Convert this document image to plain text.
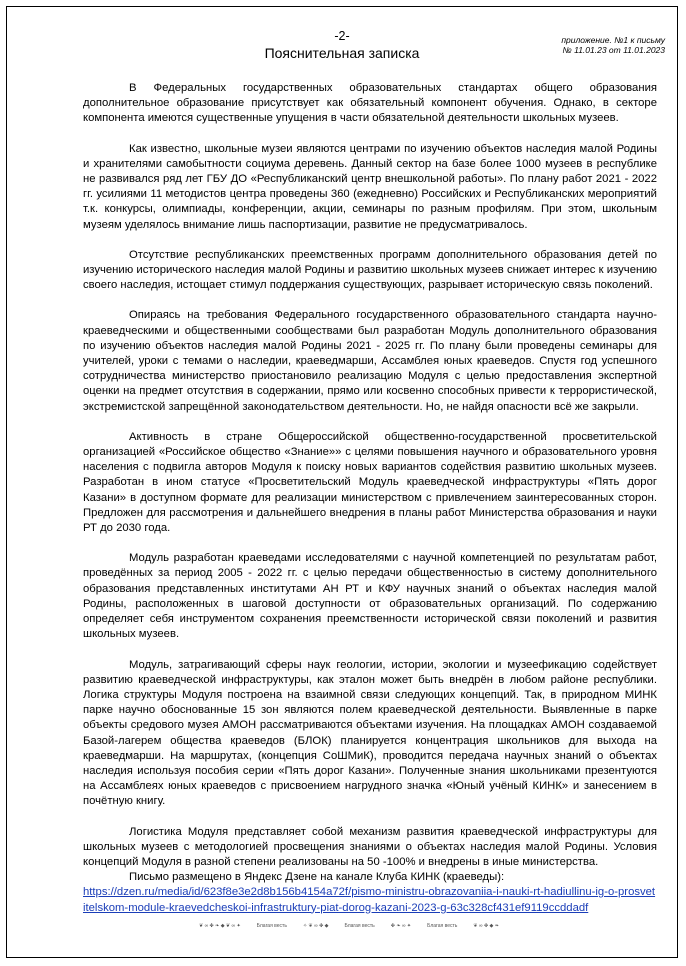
-2-	приложение. №1 к письму
№ 11.01.23 от 11.01.2023
Пояснительная записка

В Федеральных государственных образовательных стандартах общего образования дополнительное образование присутствует как обязательный компонент обучения. Однако, в секторе компонента имеются существенные упущения в части обязательной деятельности школьных музеев.

Как известно, школьные музеи являются центрами по изучению объектов наследия малой Родины и хранителями самобытности социума деревень. Данный сектор на базе более 1000 музеев в республике не развивался ряд лет ГБУ ДО «Республиканский центр внешкольной работы». По плану работ 2021 - 2022 гг. усилиями 11 методистов центра проведены 360 (ежедневно) Российских и Республиканских мероприятий т.к. конкурсы, олимпиады, конференции, акции, семинары по разным профилям. При этом, школьным музеям уделялось внимание лишь паспортизации, развитие не предусматривалось.

Отсутствие республиканских преемственных программ дополнительного образования детей по изучению исторического наследия малой Родины и развитию школьных музеев снижает интерес к изучению своего наследия, истощает стимул поддержания существующих, разрывает историческую связь поколений.

Опираясь на требования Федерального государственного образовательного стандарта научно-краеведческими и общественными сообществами был разработан Модуль дополнительного образования по изучению объектов наследия малой Родины 2021 - 2025 гг. По плану были проведены семинары для учителей, уроки с темами о наследии, краеведмарши, Ассамблея юных краеведов. Спустя год успешного сотрудничества министерство приостановило реализацию Модуля с целью предоставления экспертной оценки на предмет отсутствия в содержании, прямо или косвенно способных привести к террористической, экстремистской запрещённой законодательством деятельности. Но, не найдя опасности всё же закрыли.

Активность в стране Общероссийской общественно-государственной просветительской организацией «Российское общество «Знание»» с целями повышения научного и образовательного уровня населения с подвигла авторов Модуля к поиску новых вариантов содействия развитию школьных музеев. Разработан в ином статусе «Просветительский Модуль краеведческой инфраструктуры «Пять дорог Казани» в доступном формате для реализации министерством с привлечением заинтересованных сторон. Предложен для рассмотрения и дальнейшего внедрения в планы работ Министерства образования и науки РТ до 2030 года.

Модуль разработан краеведами исследователями с научной компетенцией по результатам работ, проведённых за период 2005 - 2022 гг. с целью передачи общественностью в систему дополнительного образования представленных институтами АН РТ и КФУ научных знаний о объектах наследия малой Родины, расположенных в шаговой доступности от образовательных организаций. По содержанию определяет себя инструментом сохранения преемственности исторической связи поколений и развития школьных музеев.

Модуль, затрагивающий сферы наук геологии, истории, экологии и музеефикацию содействует развитию краеведческой инфраструктуры, как эталон может быть внедрён в любом районе республики. Логика структуры Модуля построена на взаимной связи следующих концепций. Так, в природном МИНК парке научно обоснованные 15 зон являются полем краеведческой деятельности. Выявленные в парке объекты средового музея АМОН рассматриваются объектами изучения. На площадках АМОН создаваемой Базой-лагерем общества краеведов (БЛОК) планируется концентрация школьников для выхода на краеведмарши. На маршрутах, (концепция СоШМиК), проводится передача научных знаний о объектах наследия используя пособия серии «Пять дорог Казани». Полученные знания школьниками презентуются на Ассамблеях юных краеведов с присвоением нагрудного значка «Юный учёный КИНК» и занесением в почётную книгу.

Логистика Модуля представляет собой механизм развития краеведческой инфраструктуры для школьных музеев с методологией просвещения знаниями о объектах наследия малой Родины. Условия концепций Модуля в разной степени реализованы на 50 -100% и внедрены в иные министерства.

Письмо размещено в Яндекс Дзене на канале Клуба КИНК (краеведы):

https://dzen.ru/media/id/623f8e3e2d8b156b4154a72f/pismo-ministru-obrazovaniia-i-nauki-rt-hadiullinu-ig-o-prosvetitelskom-module-kraevedcheskoi-infrastruktury-piat-dorog-kazani-2023-g-63c328cf431ef9119ccddadf

❦ ∞ ✤ ❧ ◆ ❦ ∞ ✦	Благая весть	✧ ❦ ∞ ✤ ◆	Благая весть	✤ ❧ ∞ ✦	Благая весть	❦ ∞ ✤ ◆ ❧
